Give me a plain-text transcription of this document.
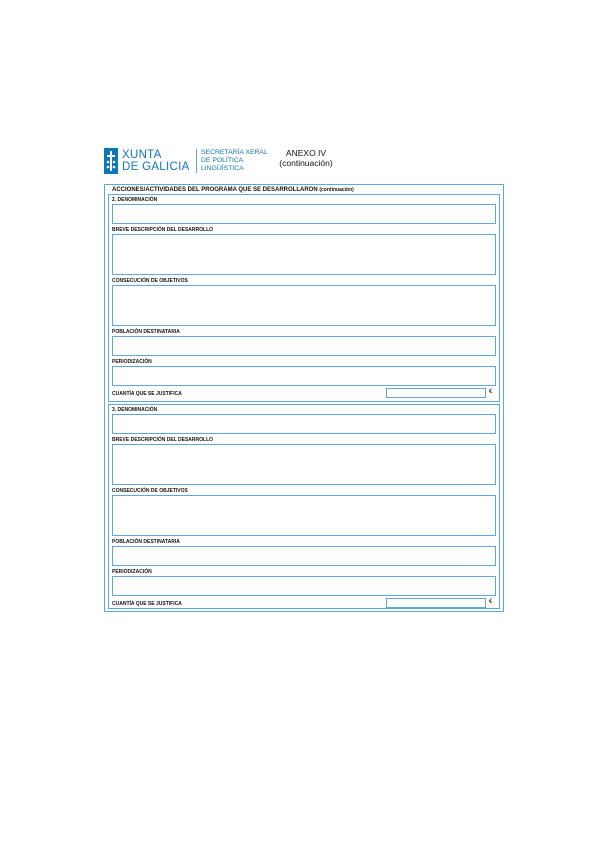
XUNTA
DE GALICIA
SECRETARÍA XERAL
DE POLÍTICA
LINGÜÍSTICA
ANEXO IV
(continuación)
ACCIONES/ACTIVIDADES DEL PROGRAMA QUE SE DESARROLLARON (continuación)
2. DENOMINACIÓN
BREVE DESCRIPCIÓN DEL DESARROLLO
CONSECUCIÓN DE OBJETIVOS
POBLACIÓN DESTINATARIA
PERIODIZACIÓN
CUANTÍA QUE SE JUSTIFICA	€
3. DENOMINACIÓN
BREVE DESCRIPCIÓN DEL DESARROLLO
CONSECUCIÓN DE OBJETIVOS
POBLACIÓN DESTINATARIA
PERIODIZACIÓN
CUANTÍA QUE SE JUSTIFICA	€
